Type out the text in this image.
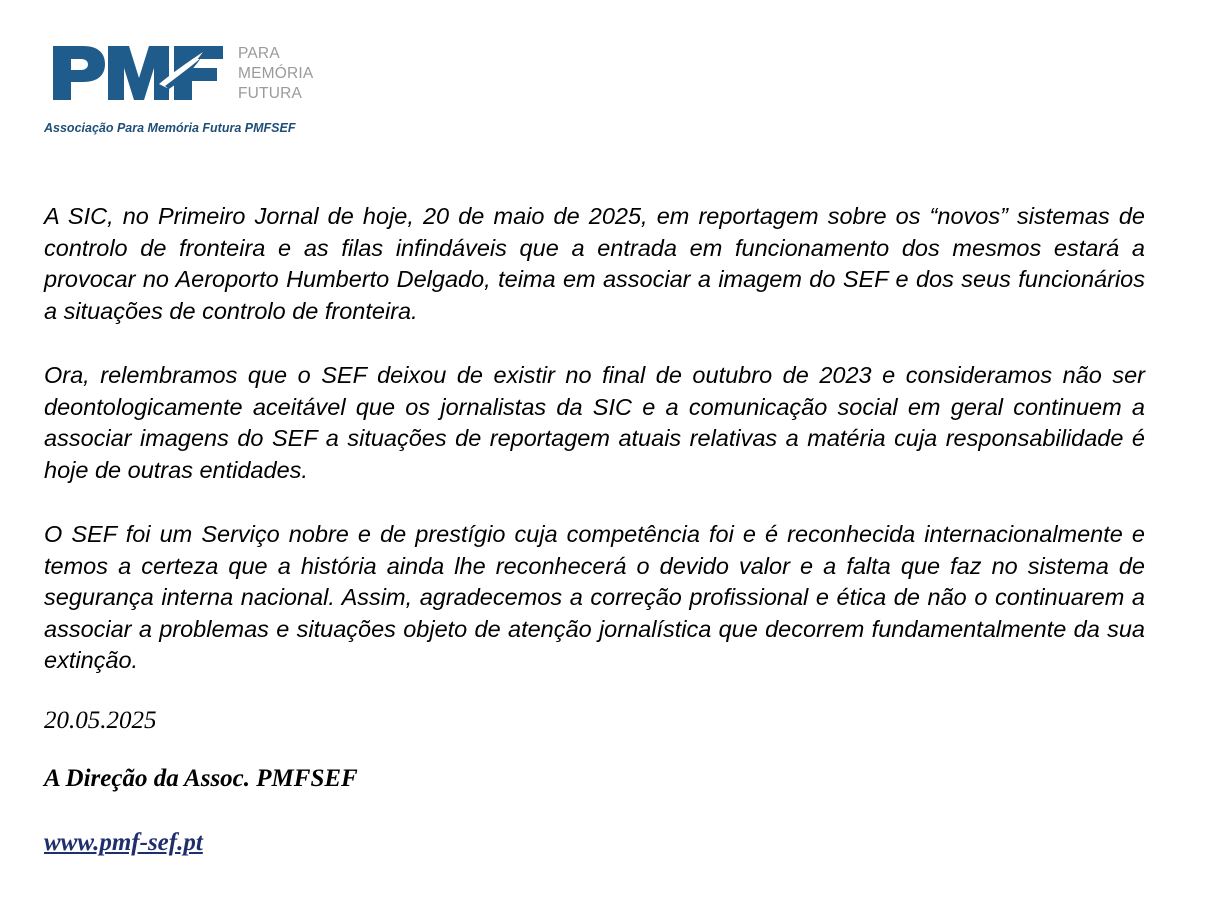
PARA
MEMÓRIA
FUTURA
Associação Para Memória Futura PMFSEF

A SIC, no Primeiro Jornal de hoje, 20 de maio de 2025, em reportagem sobre os “novos” sistemas de controlo de fronteira e as filas infindáveis que a entrada em funcionamento dos mesmos estará a provocar no Aeroporto Humberto Delgado, teima em associar a imagem do SEF e dos seus funcionários a situações de controlo de fronteira.

Ora, relembramos que o SEF deixou de existir no final de outubro de 2023 e consideramos não ser deontologicamente aceitável que os jornalistas da SIC e a comunicação social em geral continuem a associar imagens do SEF a situações de reportagem atuais relativas a matéria cuja responsabilidade é hoje de outras entidades.

O SEF foi um Serviço nobre e de prestígio cuja competência foi e é reconhecida internacionalmente e temos a certeza que a história ainda lhe reconhecerá o devido valor e a falta que faz no sistema de segurança interna nacional. Assim, agradecemos a correção profissional e ética de não o continuarem a associar a problemas e situações objeto de atenção jornalística que decorrem fundamentalmente da sua extinção.

20.05.2025
A Direção da Assoc. PMFSEF
www.pmf-sef.pt
